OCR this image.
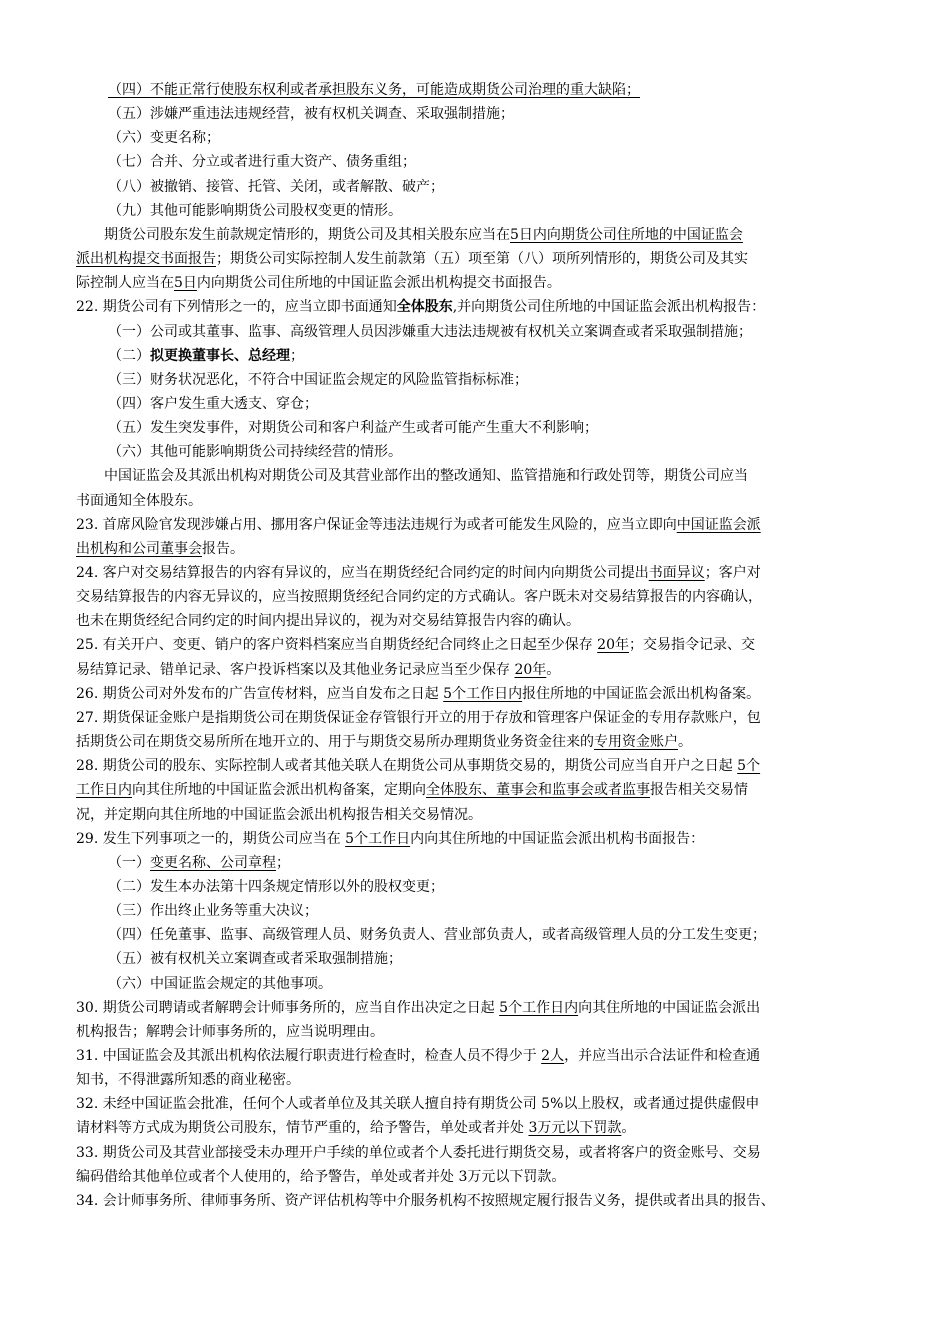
（四）不能正常行使股东权利或者承担股东义务，可能造成期货公司治理的重大缺陷；
（五）涉嫌严重违法违规经营，被有权机关调查、采取强制措施；
（六）变更名称；
（七）合并、分立或者进行重大资产、债务重组；
（八）被撤销、接管、托管、关闭，或者解散、破产；
（九）其他可能影响期货公司股权变更的情形。
期货公司股东发生前款规定情形的，期货公司及其相关股东应当在5日内向期货公司住所地的中国证监会
派出机构提交书面报告；期货公司实际控制人发生前款第（五）项至第（八）项所列情形的，期货公司及其实
际控制人应当在5日内向期货公司住所地的中国证监会派出机构提交书面报告。
22. 期货公司有下列情形之一的，应当立即书面通知全体股东,并向期货公司住所地的中国证监会派出机构报告：
（一）公司或其董事、监事、高级管理人员因涉嫌重大违法违规被有权机关立案调查或者采取强制措施；
（二）拟更换董事长、总经理；
（三）财务状况恶化，不符合中国证监会规定的风险监管指标标准；
（四）客户发生重大透支、穿仓；
（五）发生突发事件，对期货公司和客户利益产生或者可能产生重大不利影响；
（六）其他可能影响期货公司持续经营的情形。
中国证监会及其派出机构对期货公司及其营业部作出的整改通知、监管措施和行政处罚等，期货公司应当
书面通知全体股东。
23. 首席风险官发现涉嫌占用、挪用客户保证金等违法违规行为或者可能发生风险的，应当立即向中国证监会派
出机构和公司董事会报告。
24. 客户对交易结算报告的内容有异议的，应当在期货经纪合同约定的时间内向期货公司提出书面异议；客户对
交易结算报告的内容无异议的，应当按照期货经纪合同约定的方式确认。客户既未对交易结算报告的内容确认，
也未在期货经纪合同约定的时间内提出异议的，视为对交易结算报告内容的确认。
25. 有关开户、变更、销户的客户资料档案应当自期货经纪合同终止之日起至少保存 20年；交易指令记录、交
易结算记录、错单记录、客户投诉档案以及其他业务记录应当至少保存 20年。
26. 期货公司对外发布的广告宣传材料，应当自发布之日起 5个工作日内报住所地的中国证监会派出机构备案。
27. 期货保证金账户是指期货公司在期货保证金存管银行开立的用于存放和管理客户保证金的专用存款账户，包
括期货公司在期货交易所所在地开立的、用于与期货交易所办理期货业务资金往来的专用资金账户。
28. 期货公司的股东、实际控制人或者其他关联人在期货公司从事期货交易的，期货公司应当自开户之日起 5个
工作日内向其住所地的中国证监会派出机构备案，定期向全体股东、董事会和监事会或者监事报告相关交易情
况，并定期向其住所地的中国证监会派出机构报告相关交易情况。
29. 发生下列事项之一的，期货公司应当在 5个工作日内向其住所地的中国证监会派出机构书面报告：
（一）变更名称、公司章程；
（二）发生本办法第十四条规定情形以外的股权变更；
（三）作出终止业务等重大决议；
（四）任免董事、监事、高级管理人员、财务负责人、营业部负责人，或者高级管理人员的分工发生变更；
（五）被有权机关立案调查或者采取强制措施；
（六）中国证监会规定的其他事项。
30. 期货公司聘请或者解聘会计师事务所的，应当自作出决定之日起 5个工作日内向其住所地的中国证监会派出
机构报告；解聘会计师事务所的，应当说明理由。
31. 中国证监会及其派出机构依法履行职责进行检查时，检查人员不得少于 2人，并应当出示合法证件和检查通
知书，不得泄露所知悉的商业秘密。
32. 未经中国证监会批准，任何个人或者单位及其关联人擅自持有期货公司 5%以上股权，或者通过提供虚假申
请材料等方式成为期货公司股东，情节严重的，给予警告，单处或者并处 3万元以下罚款。
33. 期货公司及其营业部接受未办理开户手续的单位或者个人委托进行期货交易，或者将客户的资金账号、交易
编码借给其他单位或者个人使用的，给予警告，单处或者并处 3万元以下罚款。
34. 会计师事务所、律师事务所、资产评估机构等中介服务机构不按照规定履行报告义务，提供或者出具的报告、
